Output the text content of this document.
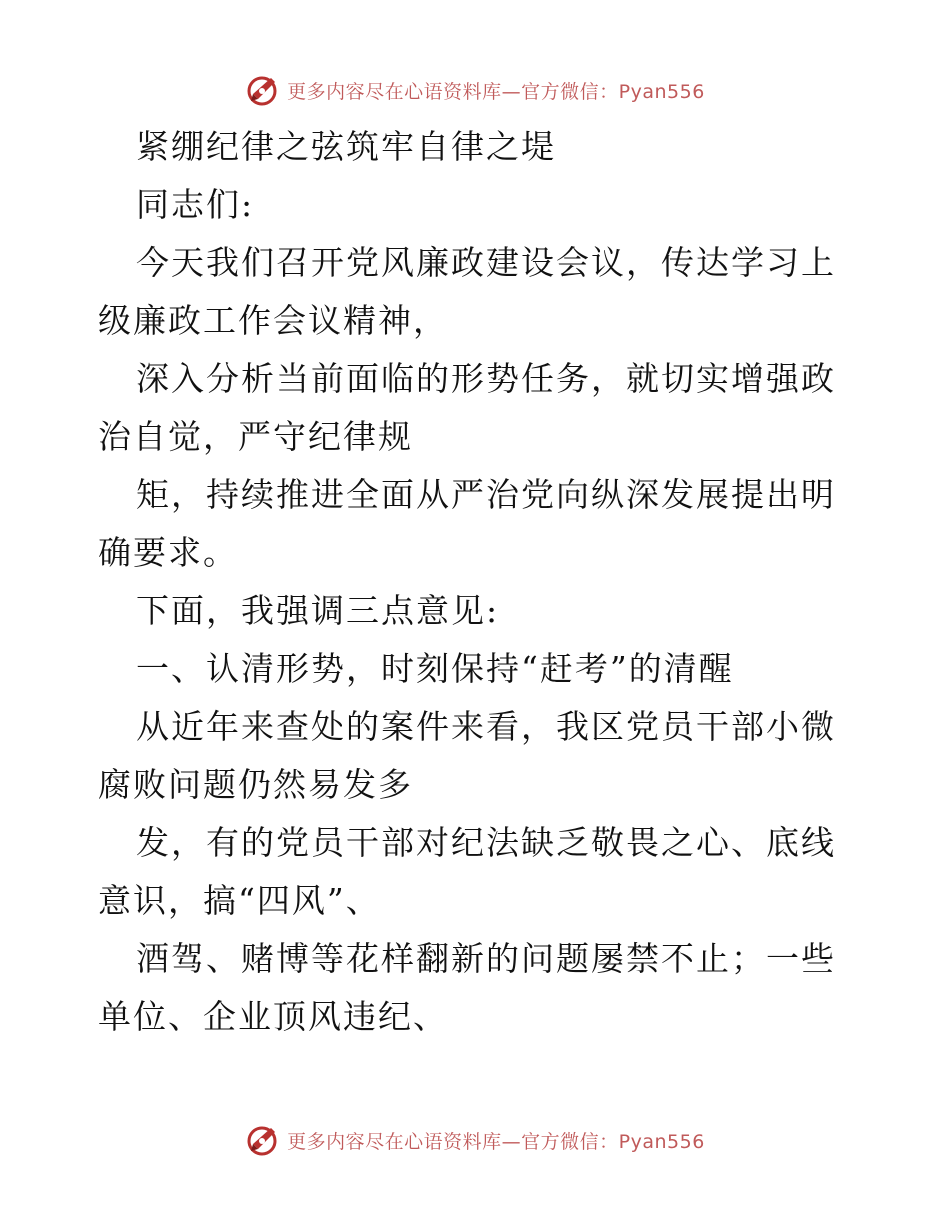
更多内容尽在心语资料库—官方微信：Pyan556

紧绷纪律之弦筑牢自律之堤

同志们:

今天我们召开党风廉政建设会议，传达学习上级廉政工作会议精神，

深入分析当前面临的形势任务，就切实增强政治自觉，严守纪律规

矩，持续推进全面从严治党向纵深发展提出明确要求。

下面，我强调三点意见:

一、认清形势，时刻保持“赶考”的清醒

从近年来查处的案件来看，我区党员干部小微腐败问题仍然易发多

发，有的党员干部对纪法缺乏敬畏之心、底线意识，搞“四风”、

酒驾、赌博等花样翻新的问题屡禁不止；一些单位、企业顶风违纪、

更多内容尽在心语资料库—官方微信：Pyan556
